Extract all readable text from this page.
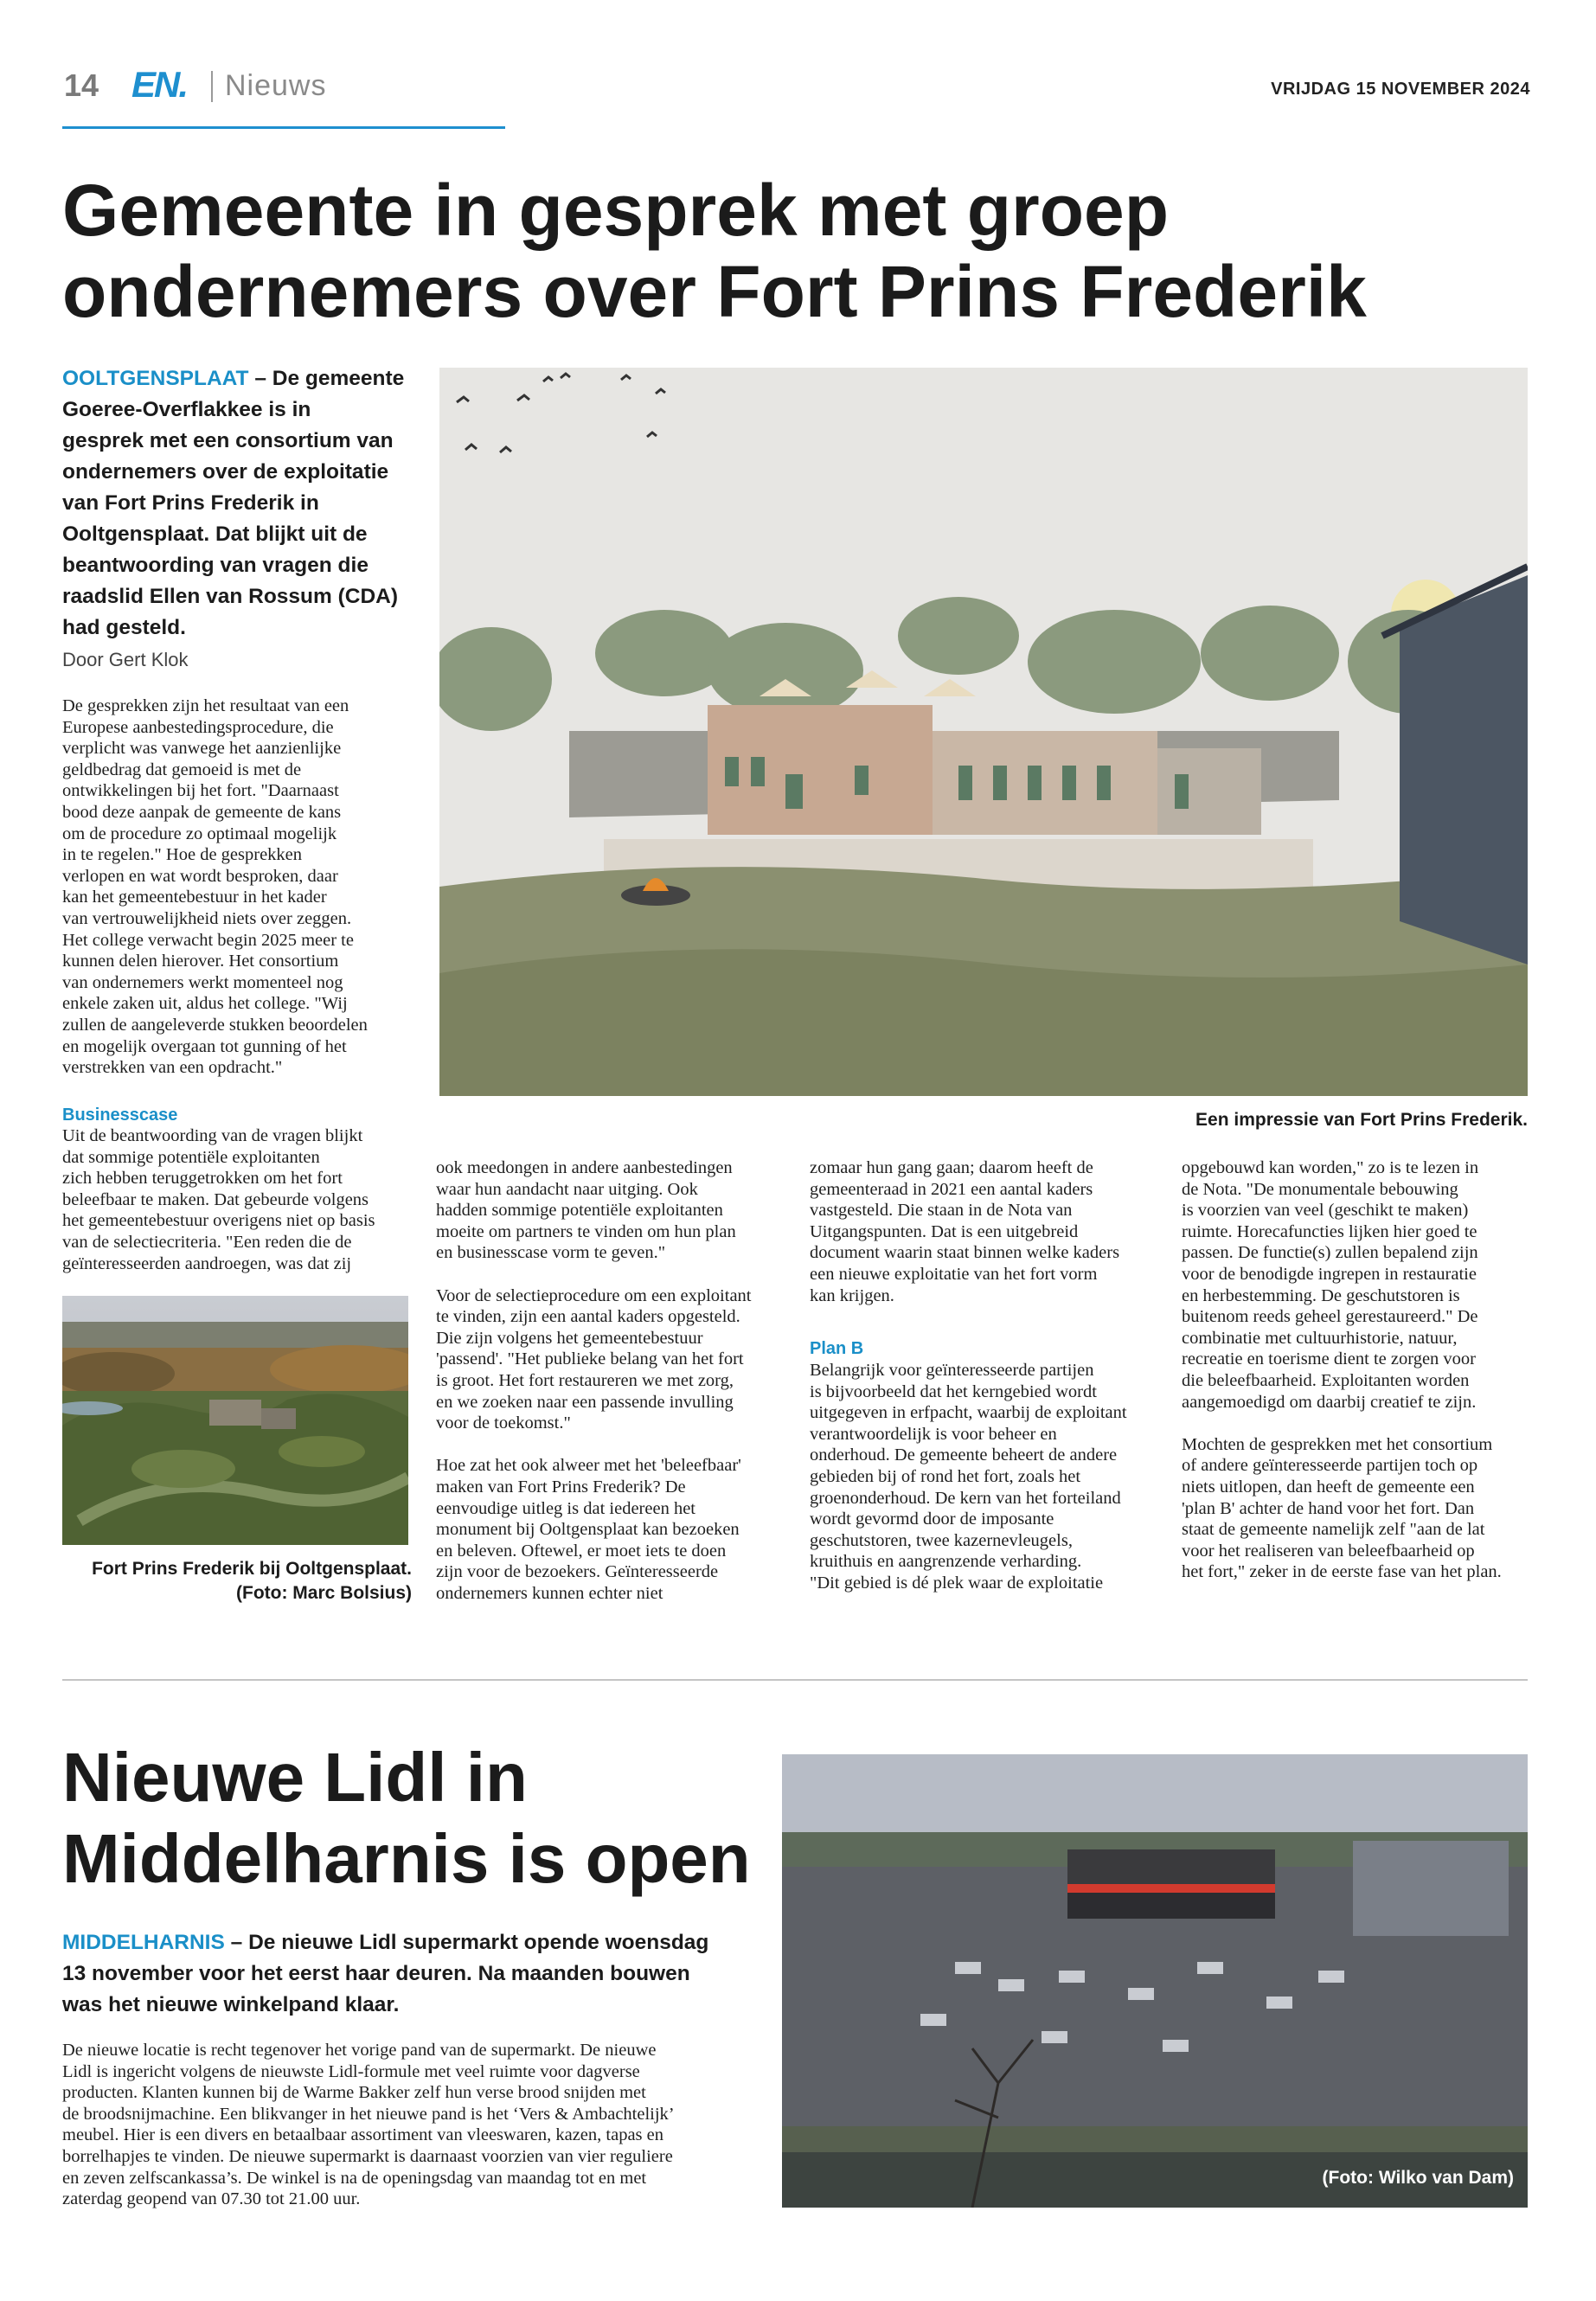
14 EN. Nieuws	VRIJDAG 15 NOVEMBER 2024
Gemeente in gesprek met groep
ondernemers over Fort Prins Frederik
OOLTGENSPLAAT – De gemeente
Goeree-Overflakkee is in
gesprek met een consortium van
ondernemers over de exploitatie
van Fort Prins Frederik in
Ooltgensplaat. Dat blijkt uit de
beantwoording van vragen die
raadslid Ellen van Rossum (CDA)
had gesteld.
Door Gert Klok
De gesprekken zijn het resultaat van een
Europese aanbestedingsprocedure, die
verplicht was vanwege het aanzienlijke
geldbedrag dat gemoeid is met de
ontwikkelingen bij het fort. "Daarnaast
bood deze aanpak de gemeente de kans
om de procedure zo optimaal mogelijk
in te regelen." Hoe de gesprekken
verlopen en wat wordt besproken, daar
kan het gemeentebestuur in het kader
van vertrouwelijkheid niets over zeggen.
Het college verwacht begin 2025 meer te
kunnen delen hierover. Het consortium
van ondernemers werkt momenteel nog
enkele zaken uit, aldus het college. "Wij
zullen de aangeleverde stukken beoordelen
en mogelijk overgaan tot gunning of het
verstrekken van een opdracht."
Businesscase
Uit de beantwoording van de vragen blijkt
dat sommige potentiële exploitanten
zich hebben teruggetrokken om het fort
beleefbaar te maken. Dat gebeurde volgens
het gemeentebestuur overigens niet op basis
van de selectiecriteria. "Een reden die de
geïnteresseerden aandroegen, was dat zij
Fort Prins Frederik bij Ooltgensplaat.
(Foto: Marc Bolsius)
Een impressie van Fort Prins Frederik.
ook meedongen in andere aanbestedingen
waar hun aandacht naar uitging. Ook
hadden sommige potentiële exploitanten
moeite om partners te vinden om hun plan
en businesscase vorm te geven."
Voor de selectieprocedure om een exploitant
te vinden, zijn een aantal kaders opgesteld.
Die zijn volgens het gemeentebestuur
'passend'. "Het publieke belang van het fort
is groot. Het fort restaureren we met zorg,
en we zoeken naar een passende invulling
voor de toekomst."
Hoe zat het ook alweer met het 'beleefbaar'
maken van Fort Prins Frederik? De
eenvoudige uitleg is dat iedereen het
monument bij Ooltgensplaat kan bezoeken
en beleven. Oftewel, er moet iets te doen
zijn voor de bezoekers. Geïnteresseerde
ondernemers kunnen echter niet
zomaar hun gang gaan; daarom heeft de
gemeenteraad in 2021 een aantal kaders
vastgesteld. Die staan in de Nota van
Uitgangspunten. Dat is een uitgebreid
document waarin staat binnen welke kaders
een nieuwe exploitatie van het fort vorm
kan krijgen.
Plan B
Belangrijk voor geïnteresseerde partijen
is bijvoorbeeld dat het kerngebied wordt
uitgegeven in erfpacht, waarbij de exploitant
verantwoordelijk is voor beheer en
onderhoud. De gemeente beheert de andere
gebieden bij of rond het fort, zoals het
groenonderhoud. De kern van het forteiland
wordt gevormd door de imposante
geschutstoren, twee kazernevleugels,
kruithuis en aangrenzende verharding.
"Dit gebied is dé plek waar de exploitatie
opgebouwd kan worden," zo is te lezen in
de Nota. "De monumentale bebouwing
is voorzien van veel (geschikt te maken)
ruimte. Horecafuncties lijken hier goed te
passen. De functie(s) zullen bepalend zijn
voor de benodigde ingrepen in restauratie
en herbestemming. De geschutstoren is
buitenom reeds geheel gerestaureerd." De
combinatie met cultuurhistorie, natuur,
recreatie en toerisme dient te zorgen voor
die beleefbaarheid. Exploitanten worden
aangemoedigd om daarbij creatief te zijn.
Mochten de gesprekken met het consortium
of andere geïnteresseerde partijen toch op
niets uitlopen, dan heeft de gemeente een
'plan B' achter de hand voor het fort. Dan
staat de gemeente namelijk zelf "aan de lat
voor het realiseren van beleefbaarheid op
het fort," zeker in de eerste fase van het plan.
Nieuwe Lidl in
Middelharnis is open
MIDDELHARNIS – De nieuwe Lidl supermarkt opende woensdag
13 november voor het eerst haar deuren. Na maanden bouwen
was het nieuwe winkelpand klaar.
De nieuwe locatie is recht tegenover het vorige pand van de supermarkt. De nieuwe
Lidl is ingericht volgens de nieuwste Lidl-formule met veel ruimte voor dagverse
producten. Klanten kunnen bij de Warme Bakker zelf hun verse brood snijden met
de broodsnijmachine. Een blikvanger in het nieuwe pand is het ‘Vers & Ambachtelijk’
meubel. Hier is een divers en betaalbaar assortiment van vleeswaren, kazen, tapas en
borrelhapjes te vinden. De nieuwe supermarkt is daarnaast voorzien van vier reguliere
en zeven zelfscankassa’s. De winkel is na de openingsdag van maandag tot en met
zaterdag geopend van 07.30 tot 21.00 uur.
(Foto: Wilko van Dam)
